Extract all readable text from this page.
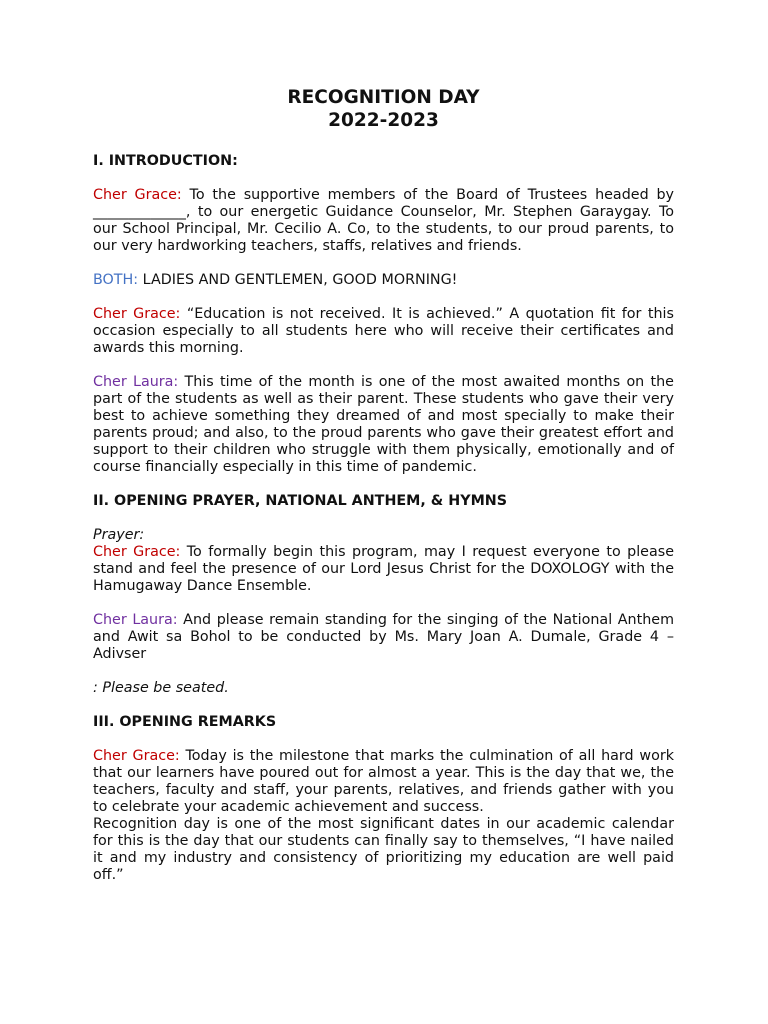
RECOGNITION DAY
2022-2023
I. INTRODUCTION:

Cher Grace: To the supportive members of the Board of Trustees headed by _____________, to our energetic Guidance Counselor, Mr. Stephen Garaygay. To our School Principal, Mr. Cecilio A. Co, to the students, to our proud parents, to our very hardworking teachers, staffs, relatives and friends.

BOTH: LADIES AND GENTLEMEN, GOOD MORNING!

Cher Grace: “Education is not received. It is achieved.” A quotation fit for this occasion especially to all students here who will receive their certificates and awards this morning.

Cher Laura: This time of the month is one of the most awaited months on the part of the students as well as their parent. These students who gave their very best to achieve something they dreamed of and most specially to make their parents proud; and also, to the proud parents who gave their greatest effort and support to their children who struggle with them physically, emotionally and of course financially especially in this time of pandemic.

II. OPENING PRAYER, NATIONAL ANTHEM, & HYMNS

Prayer:

Cher Grace: To formally begin this program, may I request everyone to please stand and feel the presence of our Lord Jesus Christ for the DOXOLOGY with the Hamugaway Dance Ensemble.

Cher Laura: And please remain standing for the singing of the National Anthem and Awit sa Bohol to be conducted by Ms. Mary Joan A. Dumale, Grade 4 – Adivser

: Please be seated.

III. OPENING REMARKS

Cher Grace: Today is the milestone that marks the culmination of all hard work that our learners have poured out for almost a year. This is the day that we, the teachers, faculty and staff, your parents, relatives, and friends gather with you to celebrate your academic achievement and success.

Recognition day is one of the most significant dates in our academic calendar for this is the day that our students can finally say to themselves, “I have nailed it and my industry and consistency of prioritizing my education are well paid off.”
